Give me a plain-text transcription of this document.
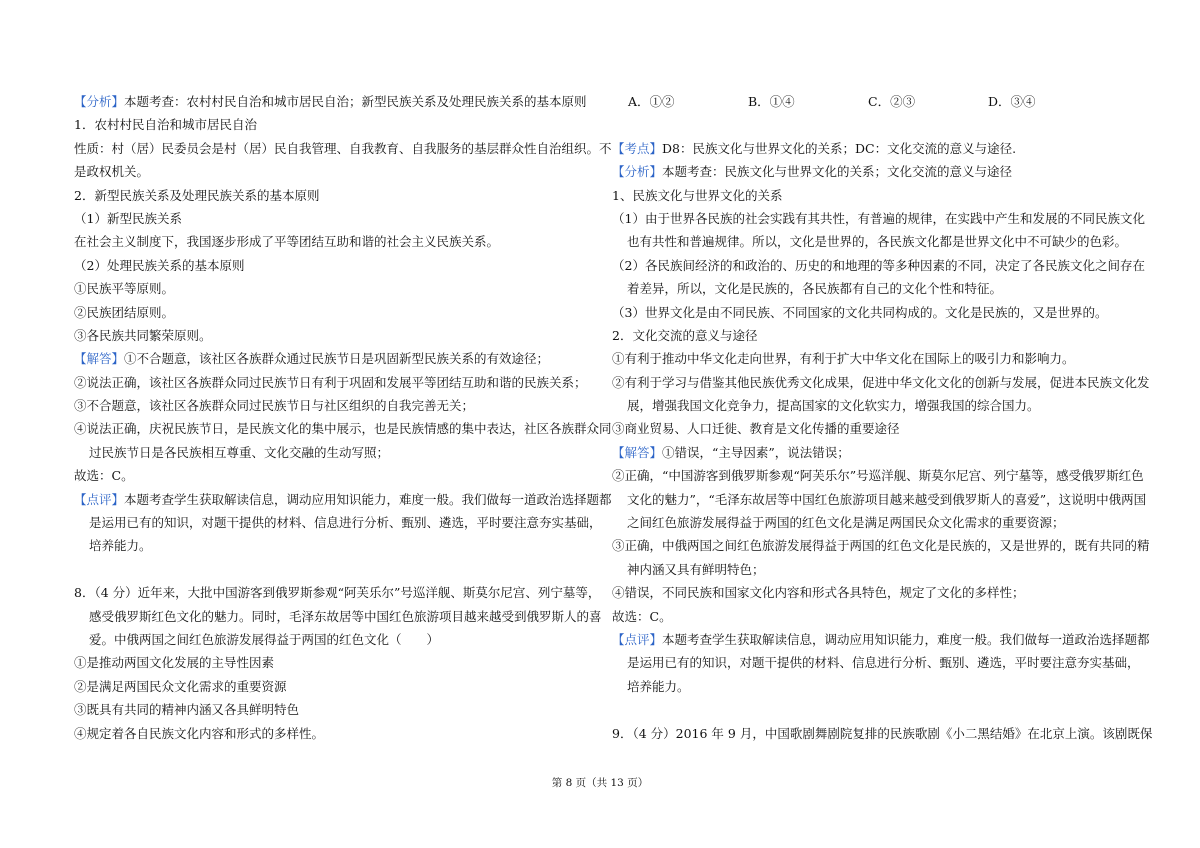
【分析】本题考查：农村村民自治和城市居民自治；新型民族关系及处理民族关系的基本原则
1．农村村民自治和城市居民自治
性质：村（居）民委员会是村（居）民自我管理、自我教育、自我服务的基层群众性自治组织。不
是政权机关。
2．新型民族关系及处理民族关系的基本原则
（1）新型民族关系
在社会主义制度下，我国逐步形成了平等团结互助和谐的社会主义民族关系。
（2）处理民族关系的基本原则
①民族平等原则。
②民族团结原则。
③各民族共同繁荣原则。
【解答】①不合题意，该社区各族群众通过民族节日是巩固新型民族关系的有效途径；
②说法正确，该社区各族群众同过民族节日有利于巩固和发展平等团结互助和谐的民族关系；
③不合题意，该社区各族群众同过民族节日与社区组织的自我完善无关；
④说法正确，庆祝民族节日，是民族文化的集中展示，也是民族情感的集中表达，社区各族群众同
过民族节日是各民族相互尊重、文化交融的生动写照；
故选：C。
【点评】本题考查学生获取解读信息，调动应用知识能力，难度一般。我们做每一道政治选择题都
是运用已有的知识，对题干提供的材料、信息进行分析、甄别、遴选，平时要注意夯实基础，
培养能力。
8．（4 分）近年来，大批中国游客到俄罗斯参观“阿芙乐尔”号巡洋舰、斯莫尔尼宫、列宁墓等，
感受俄罗斯红色文化的魅力。同时，毛泽东故居等中国红色旅游项目越来越受到俄罗斯人的喜
爱。中俄两国之间红色旅游发展得益于两国的红色文化（　　）
①是推动两国文化发展的主导性因素
②是满足两国民众文化需求的重要资源
③既具有共同的精神内涵又各具鲜明特色
④规定着各自民族文化内容和形式的多样性。
A．①②	B．①④	C．②③	D．③④
【考点】D8：民族文化与世界文化的关系；DC：文化交流的意义与途径.
【分析】本题考查：民族文化与世界文化的关系；文化交流的意义与途径
1、民族文化与世界文化的关系
（1）由于世界各民族的社会实践有其共性，有普遍的规律，在实践中产生和发展的不同民族文化
也有共性和普遍规律。所以，文化是世界的，各民族文化都是世界文化中不可缺少的色彩。
（2）各民族间经济的和政治的、历史的和地理的等多种因素的不同，决定了各民族文化之间存在
着差异，所以，文化是民族的，各民族都有自己的文化个性和特征。
（3）世界文化是由不同民族、不同国家的文化共同构成的。文化是民族的，又是世界的。
2．文化交流的意义与途径
①有利于推动中华文化走向世界，有利于扩大中华文化在国际上的吸引力和影响力。
②有利于学习与借鉴其他民族优秀文化成果，促进中华文化文化的创新与发展，促进本民族文化发
展，增强我国文化竞争力，提高国家的文化软实力，增强我国的综合国力。
③商业贸易、人口迁徙、教育是文化传播的重要途径
【解答】①错误，“主导因素”，说法错误；
②正确，“中国游客到俄罗斯参观“阿芙乐尔”号巡洋舰、斯莫尔尼宫、列宁墓等，感受俄罗斯红色
文化的魅力”，“毛泽东故居等中国红色旅游项目越来越受到俄罗斯人的喜爱”，这说明中俄两国
之间红色旅游发展得益于两国的红色文化是满足两国民众文化需求的重要资源；
③正确，中俄两国之间红色旅游发展得益于两国的红色文化是民族的，又是世界的，既有共同的精
神内涵又具有鲜明特色；
④错误，不同民族和国家文化内容和形式各具特色，规定了文化的多样性；
故选：C。
【点评】本题考查学生获取解读信息，调动应用知识能力，难度一般。我们做每一道政治选择题都
是运用已有的知识，对题干提供的材料、信息进行分析、甄别、遴选，平时要注意夯实基础，
培养能力。
9．（4 分）2016 年 9 月，中国歌剧舞剧院复排的民族歌剧《小二黑结婚》在北京上演。该剧既保
第 8 页（共 13 页）
